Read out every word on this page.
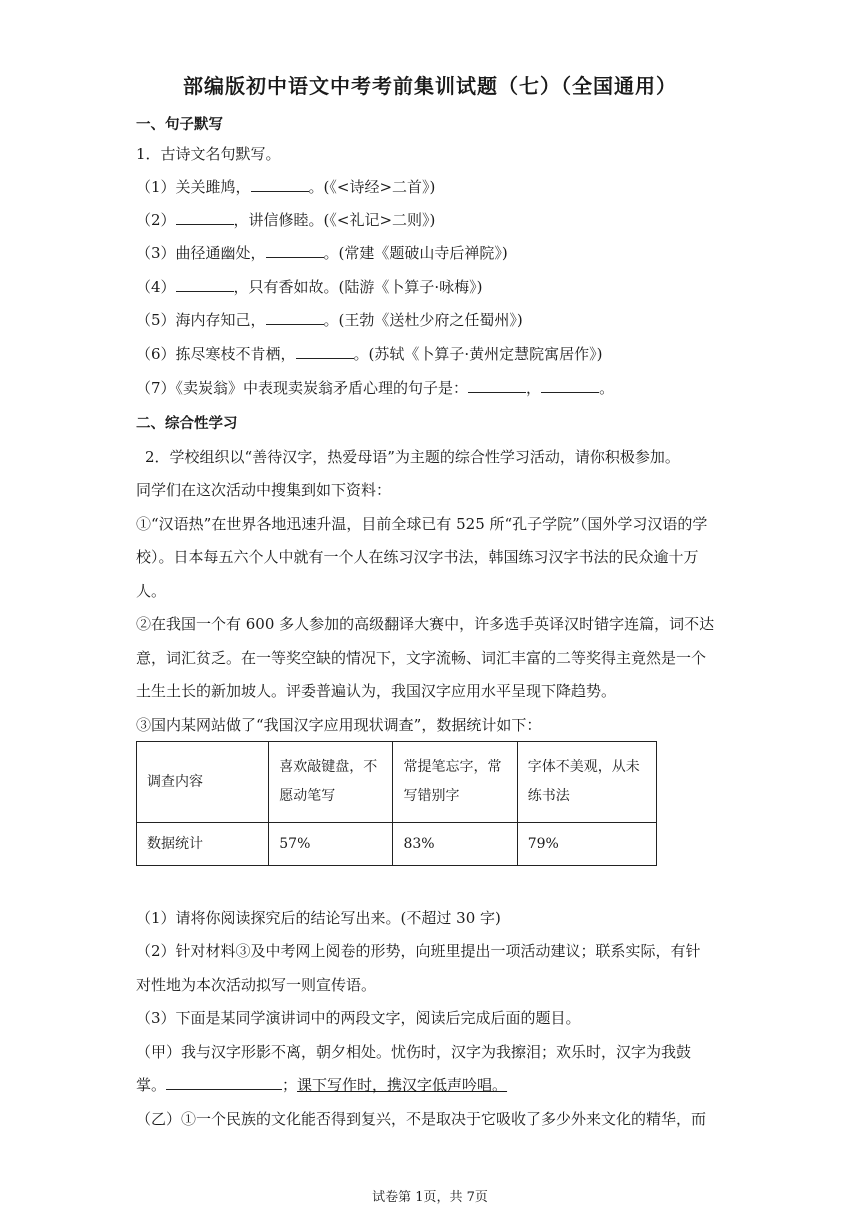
部编版初中语文中考考前集训试题（七）（全国通用）
一、句子默写
1．古诗文名句默写。
（1）关关雎鸠，	。(《<诗经>二首》)
（2）	，讲信修睦。(《<礼记>二则》)
（3）曲径通幽处，	。(常建《题破山寺后禅院》)
（4）	，只有香如故。(陆游《卜算子·咏梅》)
（5）海内存知己，	。(王勃《送杜少府之任蜀州》)
（6）拣尽寒枝不肯栖，	。(苏轼《卜算子·黄州定慧院寓居作》)
（7）《卖炭翁》中表现卖炭翁矛盾心理的句子是：	，	。
二、综合性学习
2．学校组织以“善待汉字，热爱母语”为主题的综合性学习活动，请你积极参加。
同学们在这次活动中搜集到如下资料：
①“汉语热”在世界各地迅速升温，目前全球已有 525 所“孔子学院”（国外学习汉语的学
校）。日本每五六个人中就有一个人在练习汉字书法，韩国练习汉字书法的民众逾十万
人。
②在我国一个有 600 多人参加的高级翻译大赛中，许多选手英译汉时错字连篇，词不达
意，词汇贫乏。在一等奖空缺的情况下，文字流畅、词汇丰富的二等奖得主竟然是一个
土生土长的新加坡人。评委普遍认为，我国汉字应用水平呈现下降趋势。
③国内某网站做了“我国汉字应用现状调查”，数据统计如下：
调查内容	喜欢敲键盘，不愿动笔写	常提笔忘字，常写错别字	字体不美观，从未练书法
数据统计	57%	83%	79%
（1）请将你阅读探究后的结论写出来。(不超过 30 字)
（2）针对材料③及中考网上阅卷的形势，向班里提出一项活动建议；联系实际，有针
对性地为本次活动拟写一则宣传语。
（3）下面是某同学演讲词中的两段文字，阅读后完成后面的题目。
（甲）我与汉字形影不离，朝夕相处。忧伤时，汉字为我擦泪；欢乐时，汉字为我鼓
掌。	；课下写作时，携汉字低声吟唱。
（乙）①一个民族的文化能否得到复兴，不是取决于它吸收了多少外来文化的精华，而
试卷第 1页，共 7页
